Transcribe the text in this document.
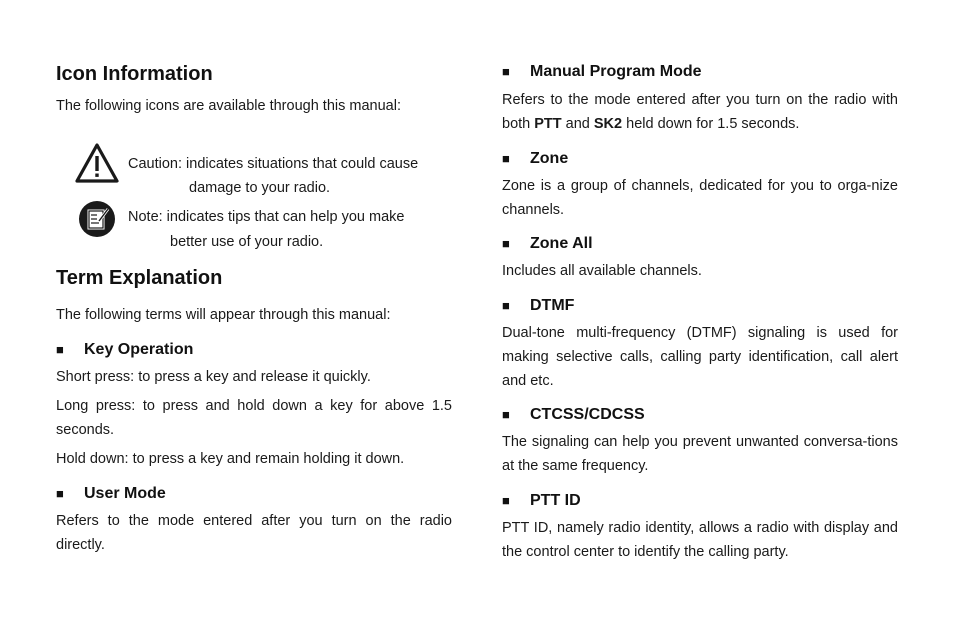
Icon Information

The following icons are available through this manual:

Caution: indicates situations that could cause
damage to your radio.
Note: indicates tips that can help you make
better use of your radio.
Term Explanation

The following terms will appear through this manual:

■ Key Operation

Short press: to press a key and release it quickly.

Long press: to press and hold down a key for above 1.5 seconds.

Hold down: to press a key and remain holding it down.

■ User Mode

Refers to the mode entered after you turn on the radio directly.

■ Manual Program Mode

Refers to the mode entered after you turn on the radio with both PTT and SK2 held down for 1.5 seconds.

■ Zone

Zone is a group of channels, dedicated for you to orga-nize channels.

■ Zone All

Includes all available channels.

■ DTMF

Dual-tone multi-frequency (DTMF) signaling is used for making selective calls, calling party identification, call alert and etc.

■ CTCSS/CDCSS

The signaling can help you prevent unwanted conversa-tions at the same frequency.

■ PTT ID

PTT ID, namely radio identity, allows a radio with display and the control center to identify the calling party.
